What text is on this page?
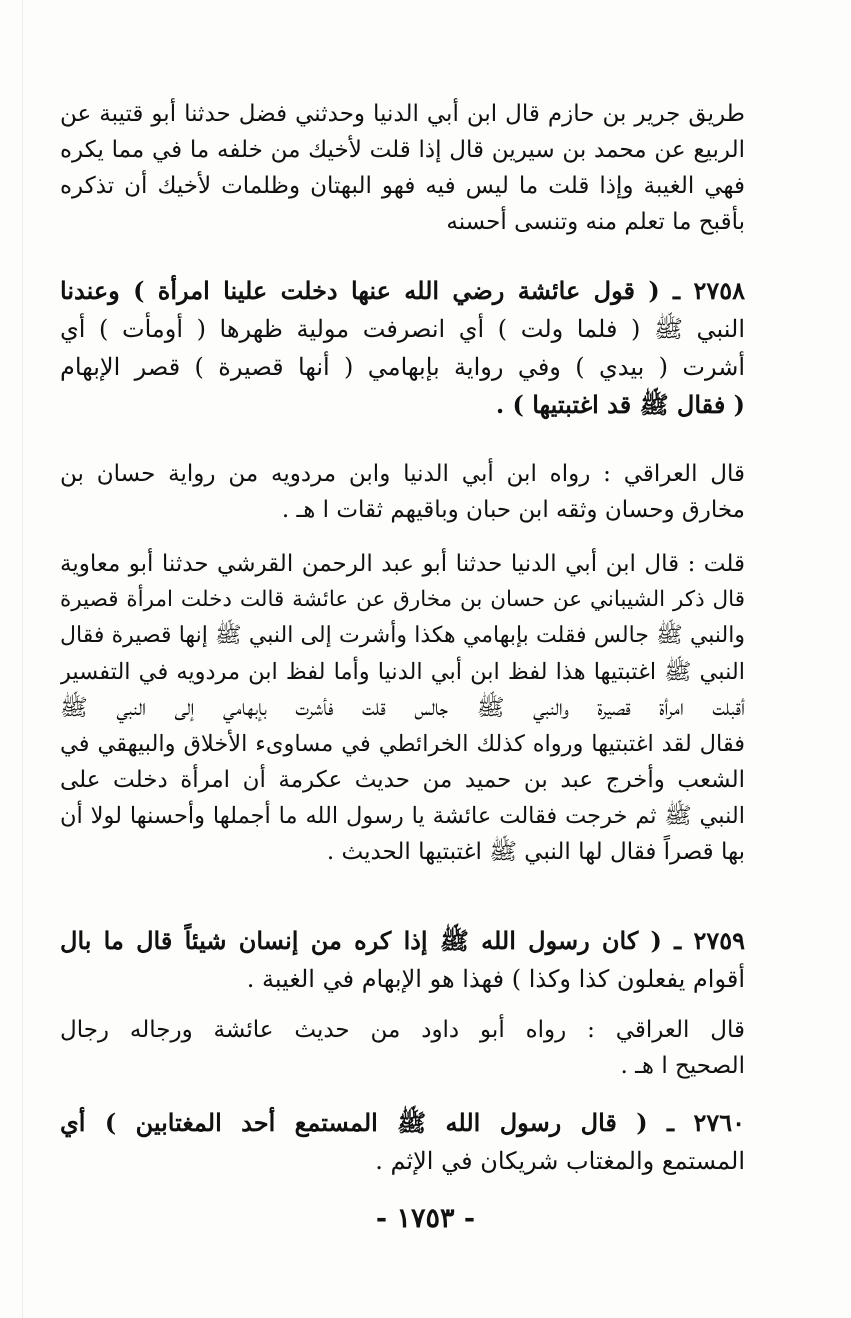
طريق جرير بن حازم قال ابن أبي الدنيا وحدثني فضل حدثنا أبو قتيبة عن
الربيع عن محمد بن سيرين قال إذا قلت لأخيك من خلفه ما في مما يكره
فهي الغيبة وإذا قلت ما ليس فيه فهو البهتان وظلمات لأخيك أن تذكره
بأقبح ما تعلم منه وتنسى أحسنه
٢٧٥٨ ـ ( قول عائشة رضي الله عنها دخلت علينا امرأة ) وعندنا
النبي ﷺ ( فلما ولت ) أي انصرفت مولية ظهرها ( أومأت ) أي
أشرت ( بيدي ) وفي رواية بإبهامي ( أنها قصيرة ) قصر الإبهام
( فقال ﷺ قد اغتبتيها ) .
قال العراقي : رواه ابن أبي الدنيا وابن مردويه من رواية حسان بن
مخارق وحسان وثقه ابن حبان وباقيهم ثقات ا هـ .
قلت : قال ابن أبي الدنيا حدثنا أبو عبد الرحمن القرشي حدثنا أبو معاوية
قال ذكر الشيباني عن حسان بن مخارق عن عائشة قالت دخلت امرأة قصيرة
والنبي ﷺ جالس فقلت بإبهامي هكذا وأشرت إلى النبي ﷺ إنها قصيرة فقال
النبي ﷺ اغتبتيها هذا لفظ ابن أبي الدنيا وأما لفظ ابن مردويه في التفسير
أقبلت امرأة قصيرة والنبي ﷺ جالس قلت فأشرت بإبهامي إلى النبي ﷺ
فقال لقد اغتبتيها ورواه كذلك الخرائطي في مساوىء الأخلاق والبيهقي في
الشعب وأخرج عبد بن حميد من حديث عكرمة أن امرأة دخلت على
النبي ﷺ ثم خرجت فقالت عائشة يا رسول الله ما أجملها وأحسنها لولا أن
بها قصراً فقال لها النبي ﷺ اغتبتيها الحديث .
٢٧٥٩ ـ ( كان رسول الله ﷺ إذا كره من إنسان شيئاً قال ما بال
أقوام يفعلون كذا وكذا ) فهذا هو الإبهام في الغيبة .
قال العراقي : رواه أبو داود من حديث عائشة ورجاله رجال
الصحيح ا هـ .
٢٧٦٠ ـ ( قال رسول الله ﷺ المستمع أحد المغتابين ) أي
المستمع والمغتاب شريكان في الإثم .
- ١٧٥٣ -
